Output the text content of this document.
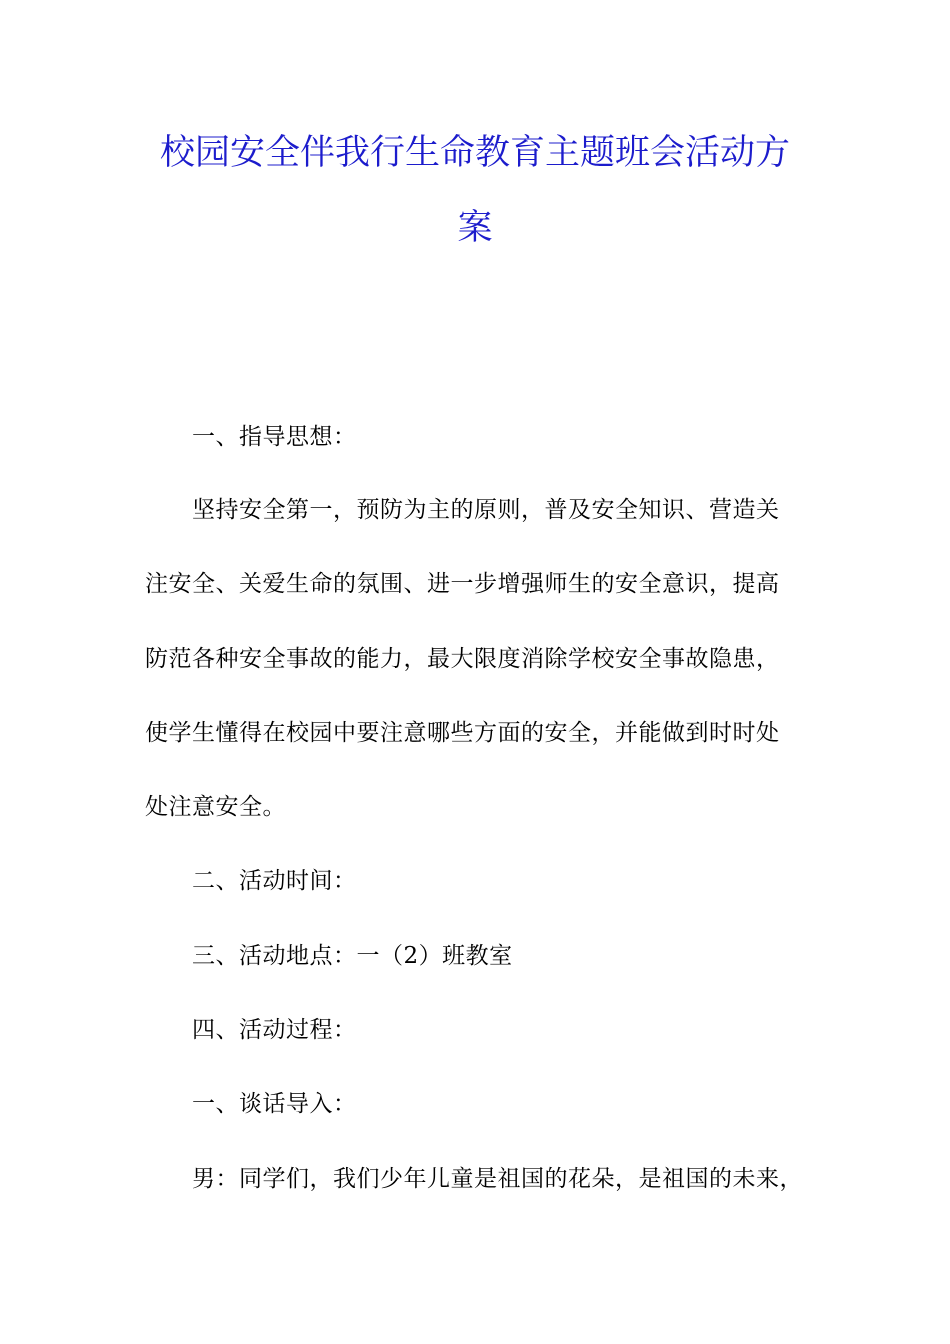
校园安全伴我行生命教育主题班会活动方
案
一、指导思想：
坚持安全第一，预防为主的原则，普及安全知识、营造关
注安全、关爱生命的氛围、进一步增强师生的安全意识，提高
防范各种安全事故的能力，最大限度消除学校安全事故隐患，
使学生懂得在校园中要注意哪些方面的安全，并能做到时时处
处注意安全。
二、活动时间：
三、活动地点：一（2）班教室
四、活动过程：
一、谈话导入：
男：同学们，我们少年儿童是祖国的花朵，是祖国的未来，
